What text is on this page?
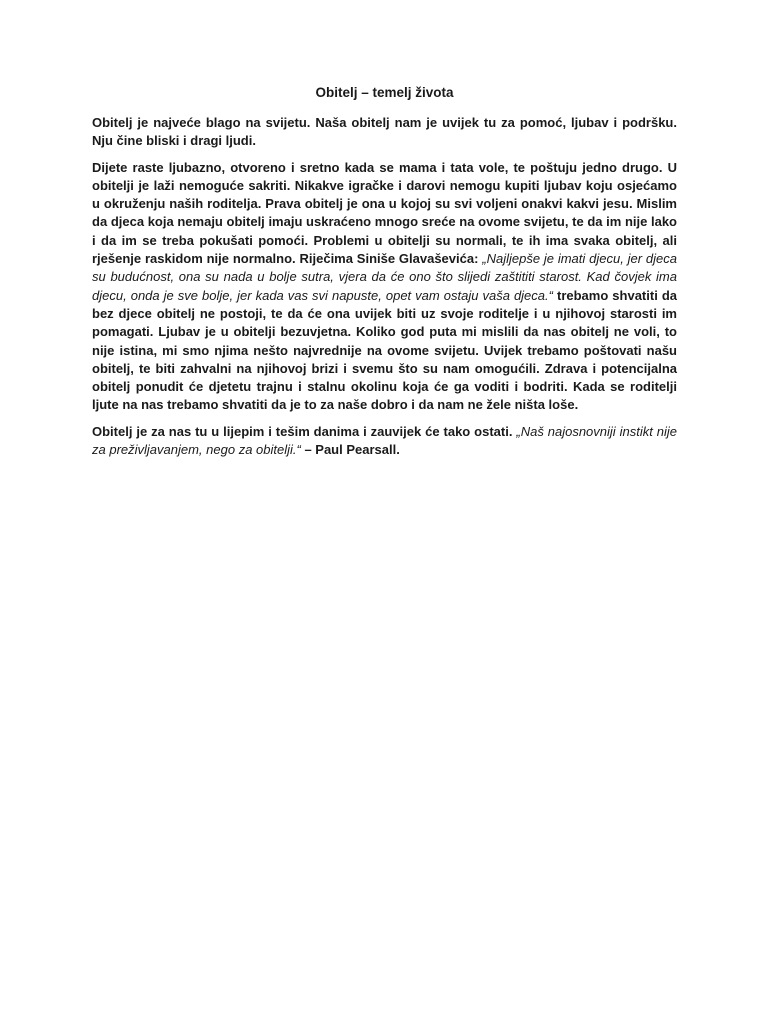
Obitelj – temelj života

Obitelj je najveće blago na svijetu. Naša obitelj nam je uvijek tu za pomoć, ljubav i podršku. Nju čine bliski i dragi ljudi.

Dijete raste ljubazno, otvoreno i sretno kada se mama i tata vole, te poštuju jedno drugo. U obitelji je laži nemoguće sakriti. Nikakve igračke i darovi nemogu kupiti ljubav koju osjećamo u okruženju naših roditelja. Prava obitelj je ona u kojoj su svi voljeni onakvi kakvi jesu. Mislim da djeca koja nemaju obitelj imaju uskraćeno mnogo sreće na ovome svijetu, te da im nije lako i da im se treba pokušati pomoći. Problemi u obitelji su normali, te ih ima svaka obitelj, ali rješenje raskidom nije normalno. Riječima Siniše Glavaševića: „Najljepše je imati djecu, jer djeca su budućnost, ona su nada u bolje sutra, vjera da će ono što slijedi zaštititi starost. Kad čovjek ima djecu, onda je sve bolje, jer kada vas svi napuste, opet vam ostaju vaša djeca.“ trebamo shvatiti da bez djece obitelj ne postoji, te da će ona uvijek biti uz svoje roditelje i u njihovoj starosti im pomagati. Ljubav je u obitelji bezuvjetna. Koliko god puta mi mislili da nas obitelj ne voli, to nije istina, mi smo njima nešto najvrednije na ovome svijetu. Uvijek trebamo poštovati našu obitelj, te biti zahvalni na njihovoj brizi i svemu što su nam omogućili. Zdrava i potencijalna obitelj ponudit će djetetu trajnu i stalnu okolinu koja će ga voditi i bodriti. Kada se roditelji ljute na nas trebamo shvatiti da je to za naše dobro i da nam ne žele ništa loše.

Obitelj je za nas tu u lijepim i tešim danima i zauvijek će tako ostati. „Naš najosnovniji instikt nije za preživljavanjem, nego za obitelji.“ – Paul Pearsall.
